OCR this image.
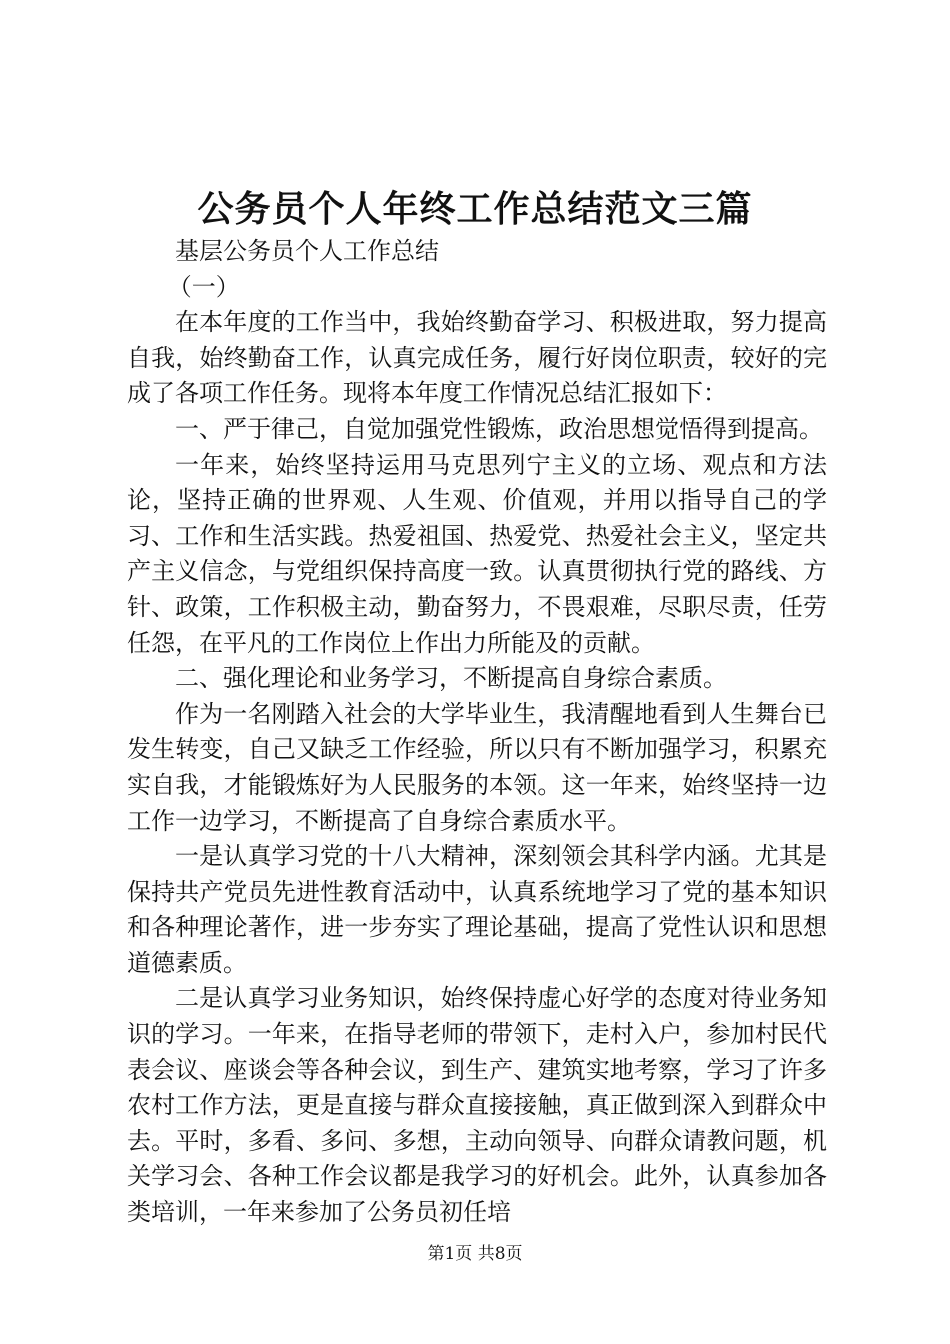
公务员个人年终工作总结范文三篇

基层公务员个人工作总结

（一）

在本年度的工作当中，我始终勤奋学习、积极进取，努力提高自我，始终勤奋工作，认真完成任务，履行好岗位职责，较好的完成了各项工作任务。现将本年度工作情况总结汇报如下：

一、严于律己，自觉加强党性锻炼，政治思想觉悟得到提高。

一年来，始终坚持运用马克思列宁主义的立场、观点和方法论，坚持正确的世界观、人生观、价值观，并用以指导自己的学习、工作和生活实践。热爱祖国、热爱党、热爱社会主义，坚定共产主义信念，与党组织保持高度一致。认真贯彻执行党的路线、方针、政策，工作积极主动，勤奋努力，不畏艰难，尽职尽责，任劳任怨，在平凡的工作岗位上作出力所能及的贡献。

二、强化理论和业务学习，不断提高自身综合素质。

作为一名刚踏入社会的大学毕业生，我清醒地看到人生舞台已发生转变，自己又缺乏工作经验，所以只有不断加强学习，积累充实自我，才能锻炼好为人民服务的本领。这一年来，始终坚持一边工作一边学习，不断提高了自身综合素质水平。

一是认真学习党的十八大精神，深刻领会其科学内涵。尤其是保持共产党员先进性教育活动中，认真系统地学习了党的基本知识和各种理论著作，进一步夯实了理论基础，提高了党性认识和思想道德素质。

二是认真学习业务知识，始终保持虚心好学的态度对待业务知识的学习。一年来，在指导老师的带领下，走村入户，参加村民代表会议、座谈会等各种会议，到生产、建筑实地考察，学习了许多农村工作方法，更是直接与群众直接接触，真正做到深入到群众中去。平时，多看、多问、多想，主动向领导、向群众请教问题，机关学习会、各种工作会议都是我学习的好机会。此外，认真参加各类培训，一年来参加了公务员初任培

第1页 共8页
